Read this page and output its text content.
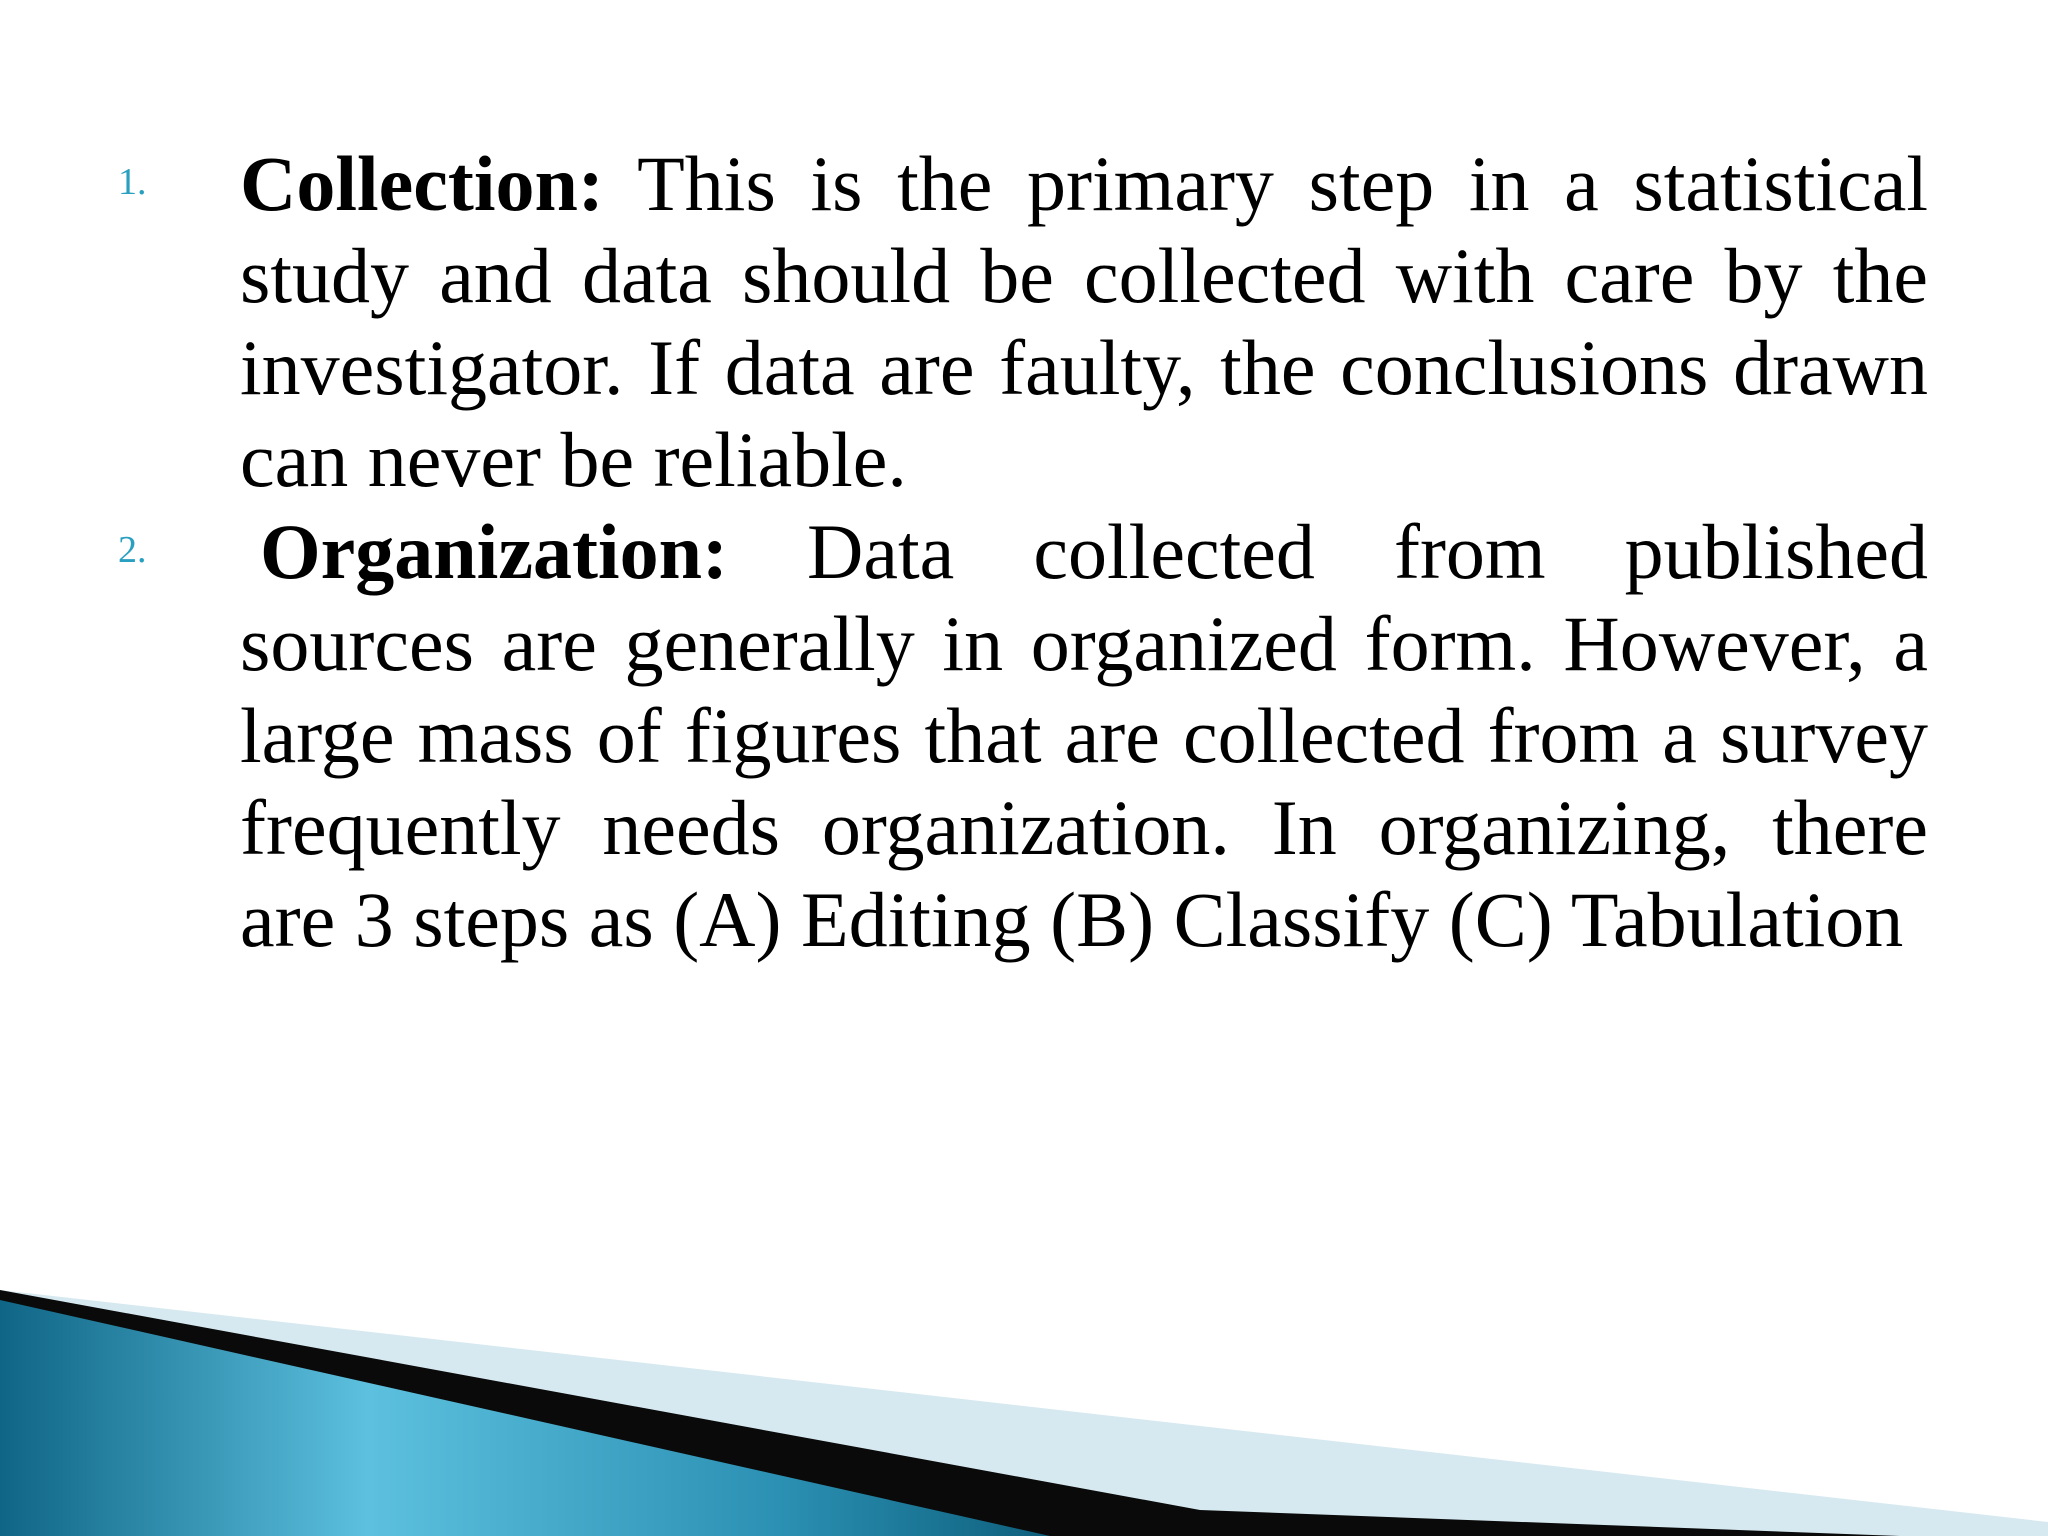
1.	Collection: This is the primary step in a statistical study and data should be collected with care by the investigator. If data are faulty, the conclusions drawn can never be reliable.
2.	Organization: Data collected from published sources are generally in organized form. However, a large mass of figures that are collected from a survey frequently needs organization. In organizing, there are 3 steps as (A) Editing (B) Classify (C) Tabulation
